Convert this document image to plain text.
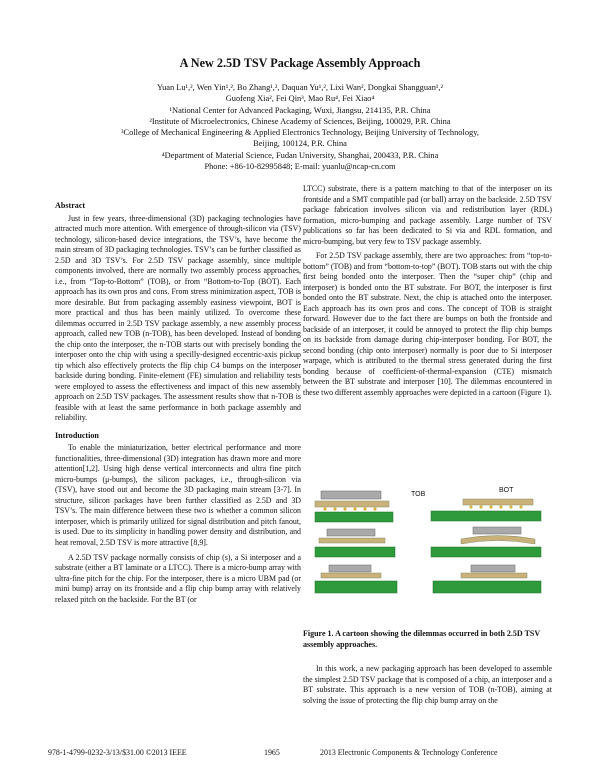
A New 2.5D TSV Package Assembly Approach

Yuan Lu¹,², Wen Yin¹,², Bo Zhang¹,², Daquan Yu¹,², Lixi Wan², Dongkai Shangguan¹,²

Guofeng Xia², Fei Qin³, Mao Ru⁴, Fei Xiao⁴

¹National Center for Advanced Packaging, Wuxi, Jiangsu, 214135, P.R. China

²Institute of Microelectronics, Chinese Academy of Sciences, Beijing, 100029, P.R. China

³College of Mechanical Engineering & Applied Electronics Technology, Beijing University of Technology,

Beijing, 100124, P.R. China

⁴Department of Material Science, Fudan University, Shanghai, 200433, P.R. China

Phone: +86-10-82995848; E-mail: yuanlu@ncap-cn.com

Abstract

Just in few years, three-dimensional (3D) packaging technologies have attracted much more attention. With emergence of through-silicon via (TSV) technology, silicon-based device integrations, the TSV’s, have become the main stream of 3D packaging technologies. TSV’s can be further classified as 2.5D and 3D TSV’s. For 2.5D TSV package assembly, since multiple components involved, there are normally two assembly process approaches, i.e., from “Top-to-Bottom” (TOB), or from “Bottom-to-Top (BOT). Each approach has its own pros and cons. From stress minimization aspect, TOB is more desirable. But from packaging assembly easiness viewpoint, BOT is more practical and thus has been mainly utilized. To overcome these dilemmas occurred in 2.5D TSV package assembly, a new assembly process approach, called new TOB (n-TOB), has been developed. Instead of bonding the chip onto the interposer, the n-TOB starts out with precisely bonding the interposer onto the chip with using a specilly-designed eccentric-axis pickup tip which also effectively protects the flip chip C4 bumps on the interposer backside during bonding. Finite-element (FE) simulation and reliability tests were employed to assess the effectiveness and impact of this new assembly approach on 2.5D TSV packages. The assessment results show that n-TOB is feasible with at least the same performance in both package assembly and reliability.

Introduction

To enable the miniaturization, better electrical performance and more functionalities, three-dimensional (3D) integration has drawn more and more attention[1,2]. Using high dense vertical interconnects and ultra fine pitch micro-bumps (μ-bumps), the silicon packages, i.e., through-silicon via (TSV), have stood out and become the 3D packaging main stream [3-7]. In structure, silicon packages have been further classified as 2.5D and 3D TSV’s. The main difference between these two is whether a common silicon interposer, which is primarily utilized for signal distribution and pitch fanout, is used. Due to its simplicity in handling power density and distribution, and heat removal, 2.5D TSV is more attractive [8,9].

A 2.5D TSV package normally consists of chip (s), a Si interposer and a substrate (either a BT laminate or a LTCC). There is a micro-bump array with ultra-fine pitch for the chip. For the interposer, there is a micro UBM pad (or mini bump) array on its frontside and a flip chip bump array with relatively relaxed pitch on the backside. For the BT (or

LTCC) substrate, there is a pattern matching to that of the interposer on its frontside and a SMT compatible pad (or ball) array on the backside. 2.5D TSV package fabrication involves silicon via and redistribution layer (RDL) formation, micro-bumping and package assembly. Large number of TSV publications so far has been dedicated to Si via and RDL formation, and micro-bumping, but very few to TSV package assembly.

For 2.5D TSV package assembly, there are two approaches: from “top-to-bottom” (TOB) and from “bottom-to-top” (BOT). TOB starts out with the chip first being bonded onto the interposer. Then the “super chip” (chip and interposer) is bonded onto the BT substrate. For BOT, the interposer is first bonded onto the BT substrate. Next, the chip is attached onto the interposer. Each approach has its own pros and cons. The concept of TOB is straight forward. However due to the fact there are bumps on both the frontside and backside of an interposer, it could be annoyed to protect the flip chip bumps on its backside from damage during chip-interposer bonding. For BOT, the second bonding (chip onto interposer) normally is poor due to Si interposer warpage, which is attributed to the thermal stress generated during the first bonding because of coefficient-of-thermal-expansion (CTE) mismatch between the BT substrate and interposer [10]. The dilemmas encountered in these two different assembly approaches were depicted in a cartoon (Figure 1).

TOB
BOT

Figure 1. A cartoon showing the dilemmas occurred in both 2.5D TSV assembly approaches.

In this work, a new packaging approach has been developed to assemble the simplest 2.5D TSV package that is composed of a chip, an interposer and a BT substrate. This approach is a new version of TOB (n-TOB), aiming at solving the issue of protecting the flip chip bump array on the

978-1-4799-0232-3/13/$31.00 ©2013 IEEE	1965	2013 Electronic Components & Technology Conference
